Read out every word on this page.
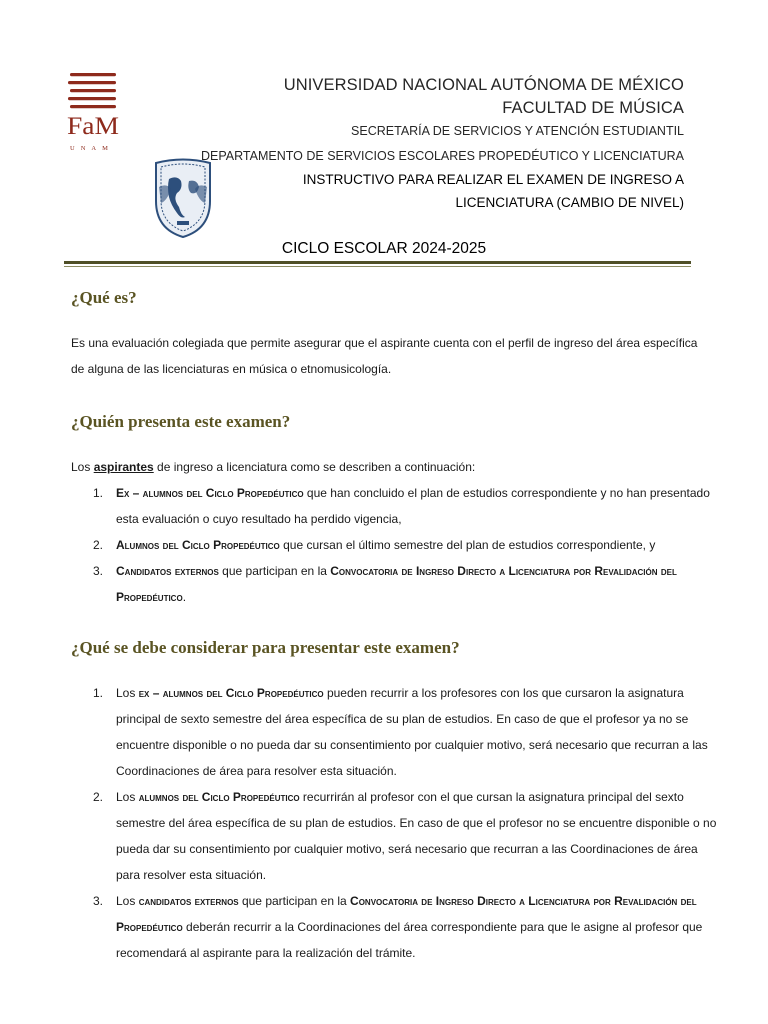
FaM
UNAM

UNIVERSIDAD NACIONAL AUTÓNOMA DE MÉXICO

FACULTAD DE MÚSICA

SECRETARÍA DE SERVICIOS Y ATENCIÓN ESTUDIANTIL

DEPARTAMENTO DE SERVICIOS ESCOLARES PROPEDÉUTICO Y LICENCIATURA

INSTRUCTIVO PARA REALIZAR EL EXAMEN DE INGRESO A

LICENCIATURA (CAMBIO DE NIVEL)

CICLO ESCOLAR 2024-2025

¿Qué es?

Es una evaluación colegiada que permite asegurar que el aspirante cuenta con el perfil de ingreso del área específica de alguna de las licenciaturas en música o etnomusicología.

¿Quién presenta este examen?

Los aspirantes de ingreso a licenciatura como se describen a continuación:

1. Ex – alumnos del Ciclo Propedéutico que han concluido el plan de estudios correspondiente y no han presentado esta evaluación o cuyo resultado ha perdido vigencia,
2. Alumnos del Ciclo Propedéutico que cursan el último semestre del plan de estudios correspondiente, y
3. Candidatos externos que participan en la Convocatoria de Ingreso Directo a Licenciatura por Revalidación del Propedéutico.
¿Qué se debe considerar para presentar este examen?
1. Los ex – alumnos del Ciclo Propedéutico pueden recurrir a los profesores con los que cursaron la asignatura principal de sexto semestre del área específica de su plan de estudios. En caso de que el profesor ya no se encuentre disponible o no pueda dar su consentimiento por cualquier motivo, será necesario que recurran a las Coordinaciones de área para resolver esta situación.
2. Los alumnos del Ciclo Propedéutico recurrirán al profesor con el que cursan la asignatura principal del sexto semestre del área específica de su plan de estudios. En caso de que el profesor no se encuentre disponible o no pueda dar su consentimiento por cualquier motivo, será necesario que recurran a las Coordinaciones de área para resolver esta situación.
3. Los candidatos externos que participan en la Convocatoria de Ingreso Directo a Licenciatura por Revalidación del Propedéutico deberán recurrir a la Coordinaciones del área correspondiente para que le asigne al profesor que recomendará al aspirante para la realización del trámite.
